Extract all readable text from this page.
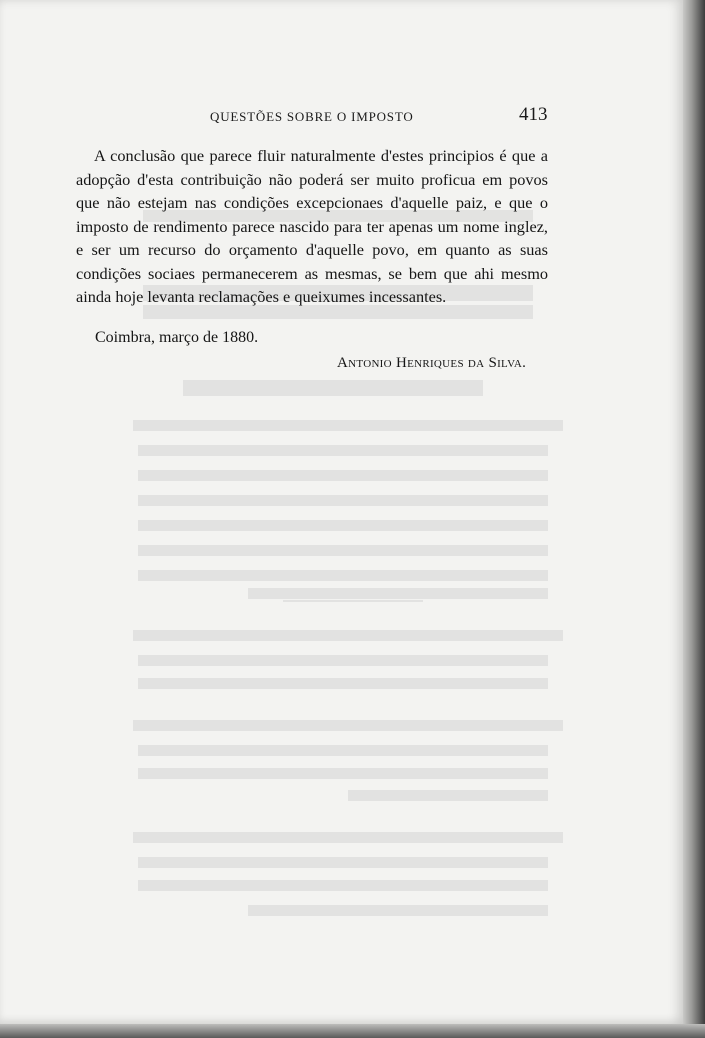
QUESTÕES SOBRE O IMPOSTO	413

A conclusão que parece fluir naturalmente d'estes principios é que a adopção d'esta contribuição não poderá ser muito proficua em povos que não estejam nas condições excepcionaes d'aquelle paiz, e que o imposto de rendimento parece nascido para ter apenas um nome inglez, e ser um recurso do orçamento d'aquelle povo, em quanto as suas condições sociaes permanecerem as mesmas, se bem que ahi mesmo ainda hoje levanta reclamações e queixumes incessantes.

Coimbra, março de 1880.
Antonio Henriques da Silva.
